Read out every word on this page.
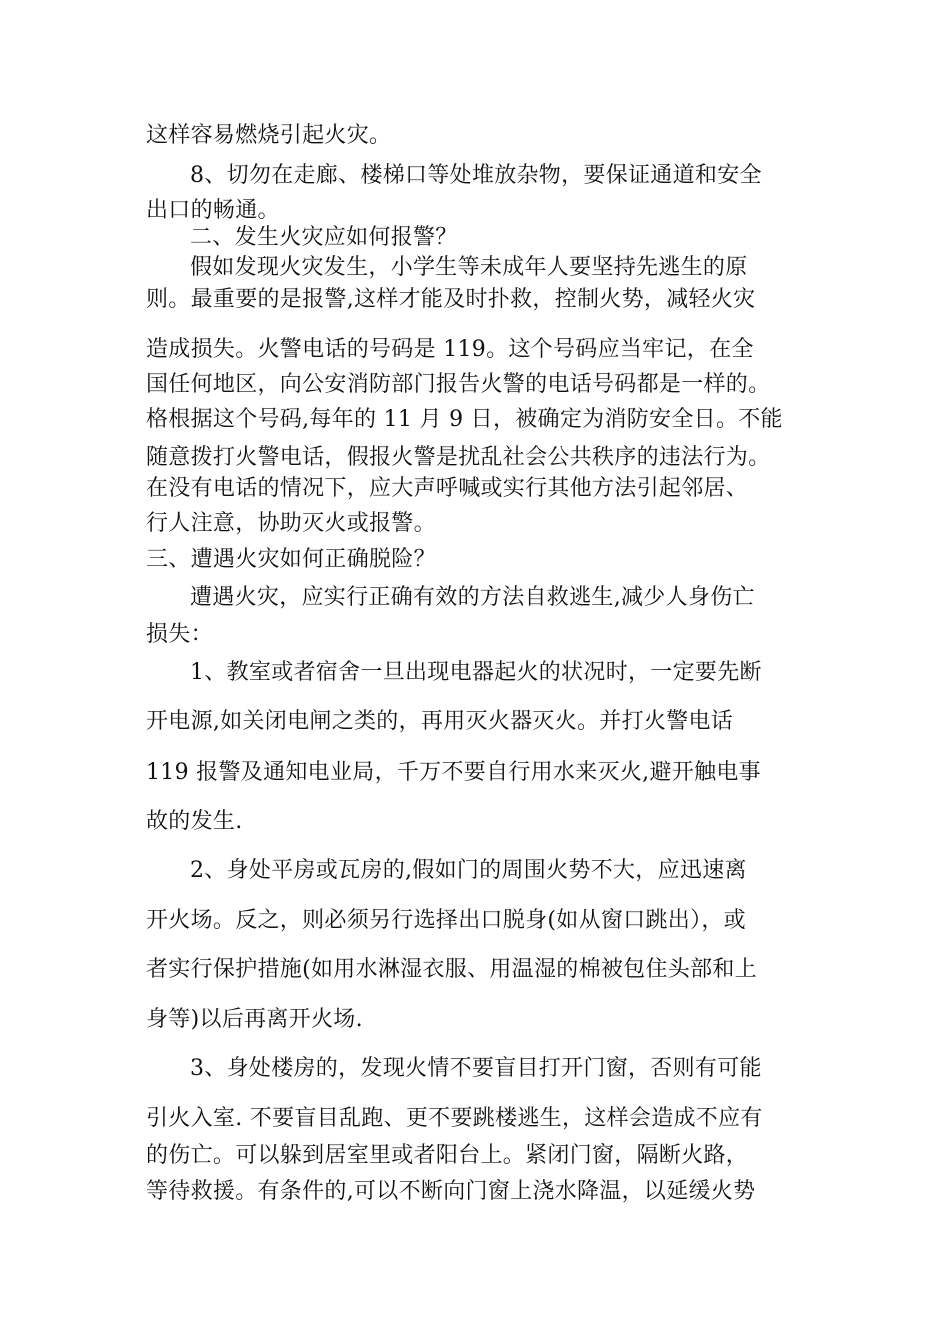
这样容易燃烧引起火灾。
8、切勿在走廊、楼梯口等处堆放杂物，要保证通道和安全
出口的畅通。
二、发生火灾应如何报警？
假如发现火灾发生，小学生等未成年人要坚持先逃生的原
则。最重要的是报警,这样才能及时扑救，控制火势，减轻火灾
造成损失。火警电话的号码是 119。这个号码应当牢记，在全
国任何地区，向公安消防部门报告火警的电话号码都是一样的。
格根据这个号码,每年的 11 月 9 日，被确定为消防安全日。不能
随意拨打火警电话，假报火警是扰乱社会公共秩序的违法行为。
在没有电话的情况下，应大声呼喊或实行其他方法引起邻居、
行人注意，协助灭火或报警。
三、遭遇火灾如何正确脱险？
遭遇火灾，应实行正确有效的方法自救逃生,减少人身伤亡
损失：
1、教室或者宿舍一旦出现电器起火的状况时，一定要先断
开电源,如关闭电闸之类的，再用灭火器灭火。并打火警电话
119 报警及通知电业局，千万不要自行用水来灭火,避开触电事
故的发生.
2、身处平房或瓦房的,假如门的周围火势不大，应迅速离
开火场。反之，则必须另行选择出口脱身(如从窗口跳出），或
者实行保护措施(如用水淋湿衣服、用温湿的棉被包住头部和上
身等)以后再离开火场.
3、身处楼房的，发现火情不要盲目打开门窗，否则有可能
引火入室. 不要盲目乱跑、更不要跳楼逃生，这样会造成不应有
的伤亡。可以躲到居室里或者阳台上。紧闭门窗，隔断火路，
等待救援。有条件的,可以不断向门窗上浇水降温，以延缓火势
